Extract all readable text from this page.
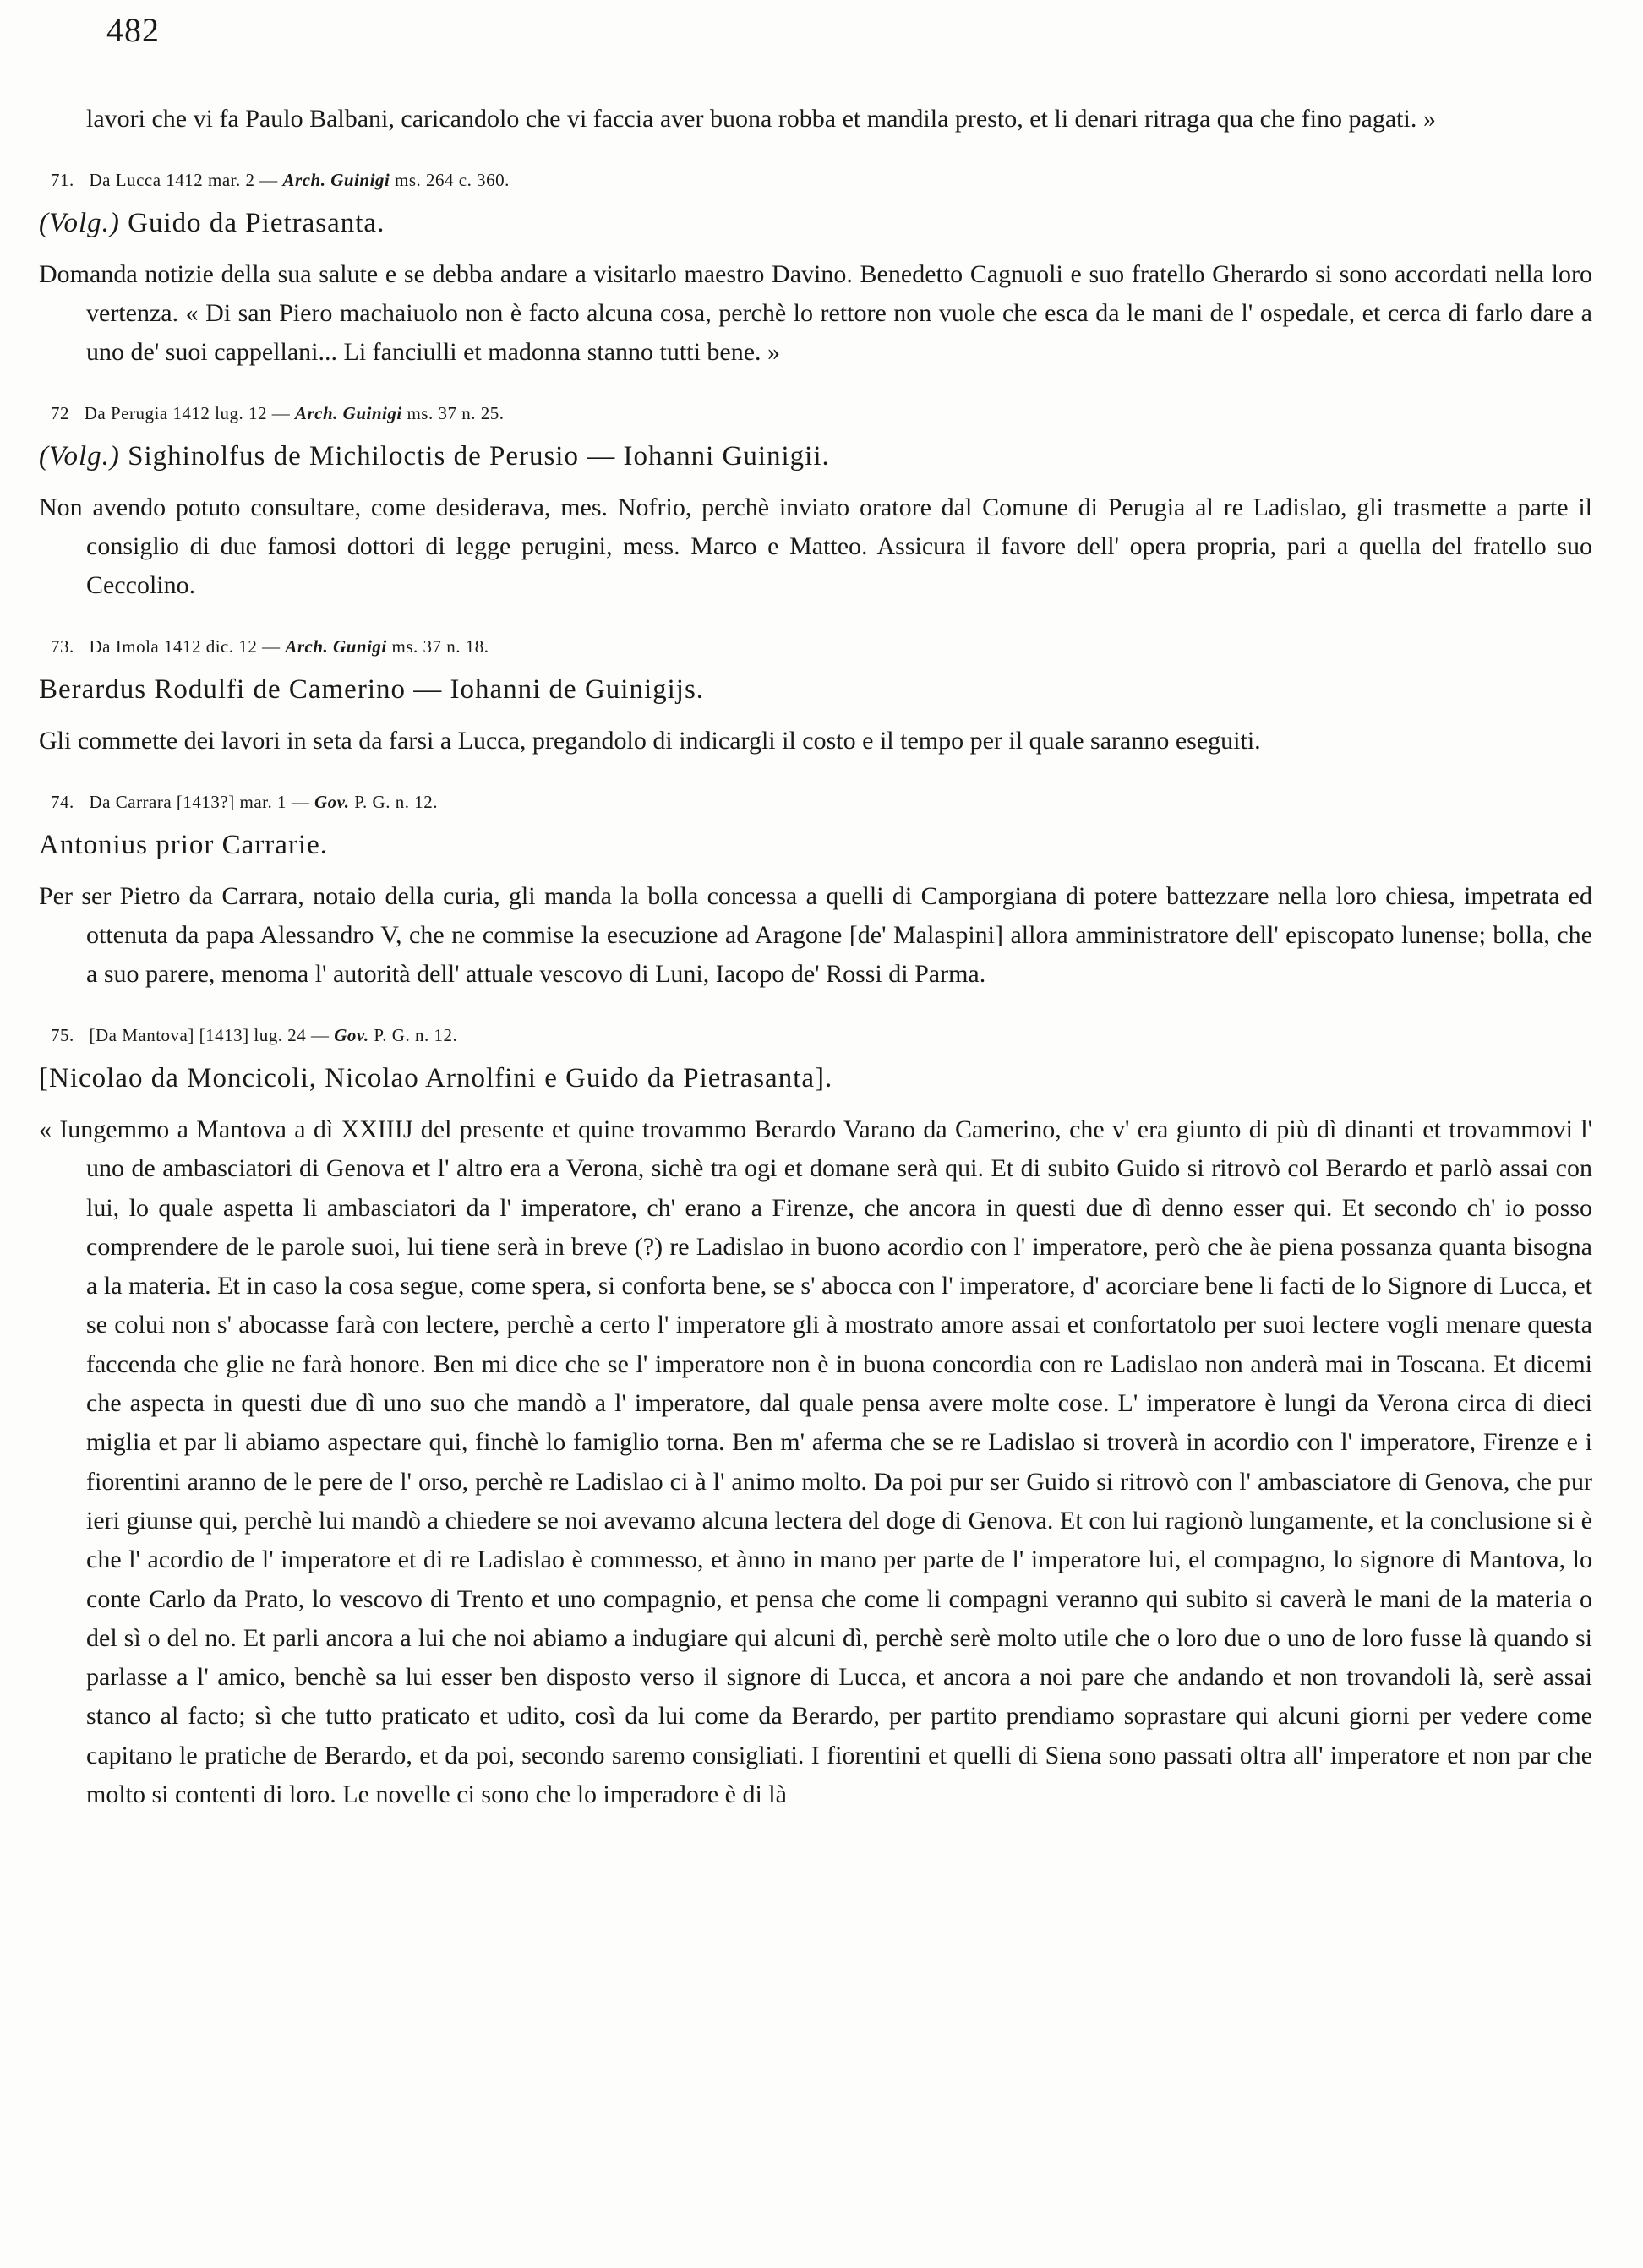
482

lavori che vi fa Paulo Balbani, caricandolo che vi faccia aver buona robba et mandila presto, et li denari ritraga qua che fino pagati. »

71. Da Lucca 1412 mar. 2 — Arch. Guinigi ms. 264 c. 360.
(Volg.) Guido da Pietrasanta.

Domanda notizie della sua salute e se debba andare a visitarlo maestro Davino. Benedetto Cagnuoli e suo fratello Gherardo si sono accordati nella loro vertenza. « Di san Piero machaiuolo non è facto alcuna cosa, perchè lo rettore non vuole che esca da le mani de l' ospedale, et cerca di farlo dare a uno de' suoi cappellani... Li fanciulli et madonna stanno tutti bene. »

72 Da Perugia 1412 lug. 12 — Arch. Guinigi ms. 37 n. 25.
(Volg.) Sighinolfus de Michiloctis de Perusio — Iohanni Guinigii.

Non avendo potuto consultare, come desiderava, mes. Nofrio, perchè inviato oratore dal Comune di Perugia al re Ladislao, gli trasmette a parte il consiglio di due famosi dottori di legge perugini, mess. Marco e Matteo. Assicura il favore dell' opera propria, pari a quella del fratello suo Ceccolino.

73. Da Imola 1412 dic. 12 — Arch. Gunigi ms. 37 n. 18.
Berardus Rodulfi de Camerino — Iohanni de Guinigijs.

Gli commette dei lavori in seta da farsi a Lucca, pregandolo di indicargli il costo e il tempo per il quale saranno eseguiti.

74. Da Carrara [1413?] mar. 1 — Gov. P. G. n. 12.
Antonius prior Carrarie.

Per ser Pietro da Carrara, notaio della curia, gli manda la bolla concessa a quelli di Camporgiana di potere battezzare nella loro chiesa, impetrata ed ottenuta da papa Alessandro V, che ne commise la esecuzione ad Aragone [de' Malaspini] allora amministratore dell' episcopato lunense; bolla, che a suo parere, menoma l' autorità dell' attuale vescovo di Luni, Iacopo de' Rossi di Parma.

75. [Da Mantova] [1413] lug. 24 — Gov. P. G. n. 12.
[Nicolao da Moncicoli, Nicolao Arnolfini e Guido da Pietrasanta].

« Iungemmo a Mantova a dì XXIIIJ del presente et quine trovammo Berardo Varano da Camerino, che v' era giunto di più dì dinanti et trovammovi l' uno de ambasciatori di Genova et l' altro era a Verona, sichè tra ogi et domane serà qui. Et di subito Guido si ritrovò col Berardo et parlò assai con lui, lo quale aspetta li ambasciatori da l' imperatore, ch' erano a Firenze, che ancora in questi due dì denno esser qui. Et secondo ch' io posso comprendere de le parole suoi, lui tiene serà in breve (?) re Ladislao in buono acordio con l' imperatore, però che àe piena possanza quanta bisogna a la materia. Et in caso la cosa segue, come spera, si conforta bene, se s' abocca con l' imperatore, d' acorciare bene li facti de lo Signore di Lucca, et se colui non s' abocasse farà con lectere, perchè a certo l' imperatore gli à mostrato amore assai et confortatolo per suoi lectere vogli menare questa faccenda che glie ne farà honore. Ben mi dice che se l' imperatore non è in buona concordia con re Ladislao non anderà mai in Toscana. Et dicemi che aspecta in questi due dì uno suo che mandò a l' imperatore, dal quale pensa avere molte cose. L' imperatore è lungi da Verona circa di dieci miglia et par li abiamo aspectare qui, finchè lo famiglio torna. Ben m' aferma che se re Ladislao si troverà in acordio con l' imperatore, Firenze e i fiorentini aranno de le pere de l' orso, perchè re Ladislao ci à l' animo molto. Da poi pur ser Guido si ritrovò con l' ambasciatore di Genova, che pur ieri giunse qui, perchè lui mandò a chiedere se noi avevamo alcuna lectera del doge di Genova. Et con lui ragionò lungamente, et la conclusione si è che l' acordio de l' imperatore et di re Ladislao è commesso, et ànno in mano per parte de l' imperatore lui, el compagno, lo signore di Mantova, lo conte Carlo da Prato, lo vescovo di Trento et uno compagnio, et pensa che come li compagni veranno qui subito si caverà le mani de la materia o del sì o del no. Et parli ancora a lui che noi abiamo a indugiare qui alcuni dì, perchè serè molto utile che o loro due o uno de loro fusse là quando si parlasse a l' amico, benchè sa lui esser ben disposto verso il signore di Lucca, et ancora a noi pare che andando et non trovandoli là, serè assai stanco al facto; sì che tutto praticato et udito, così da lui come da Berardo, per partito prendiamo soprastare qui alcuni giorni per vedere come capitano le pratiche de Berardo, et da poi, secondo saremo consigliati. I fiorentini et quelli di Siena sono passati oltra all' imperatore et non par che molto si contenti di loro. Le novelle ci sono che lo imperadore è di là
